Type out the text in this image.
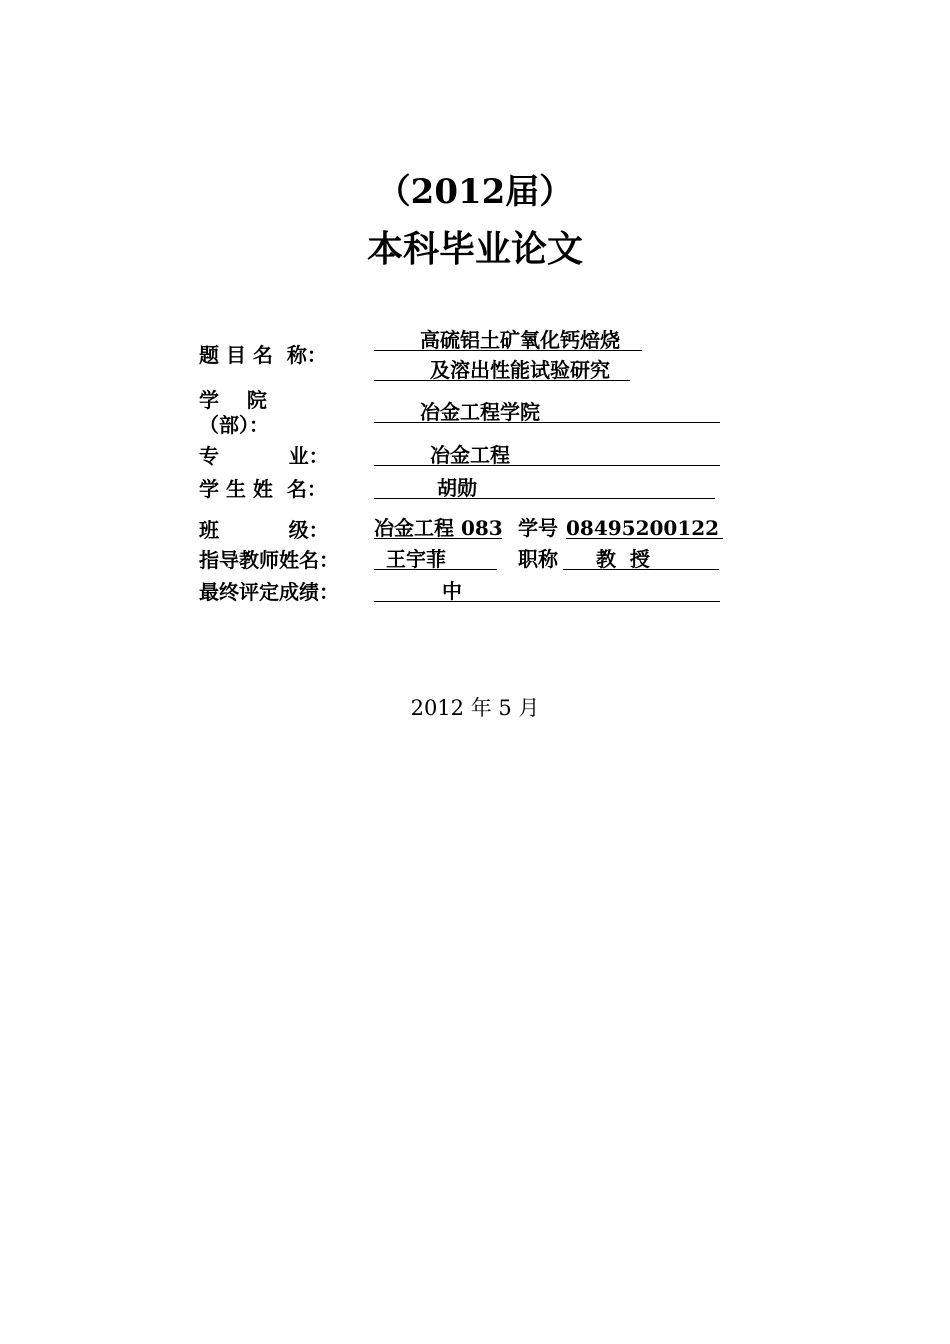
（2012届）
本科毕业论文
题 目 名  称：
高硫铝土矿氧化钙焙烧
及溶出性能试验研究
学    院
（部）：
冶金工程学院
专          业：	冶金工程
学 生 姓  名：	胡勋
班          级： 冶金工程 083 学号 08495200122
指导教师姓名： 王宇菲	职称 教  授
最终评定成绩：	中
2012 年 5 月
